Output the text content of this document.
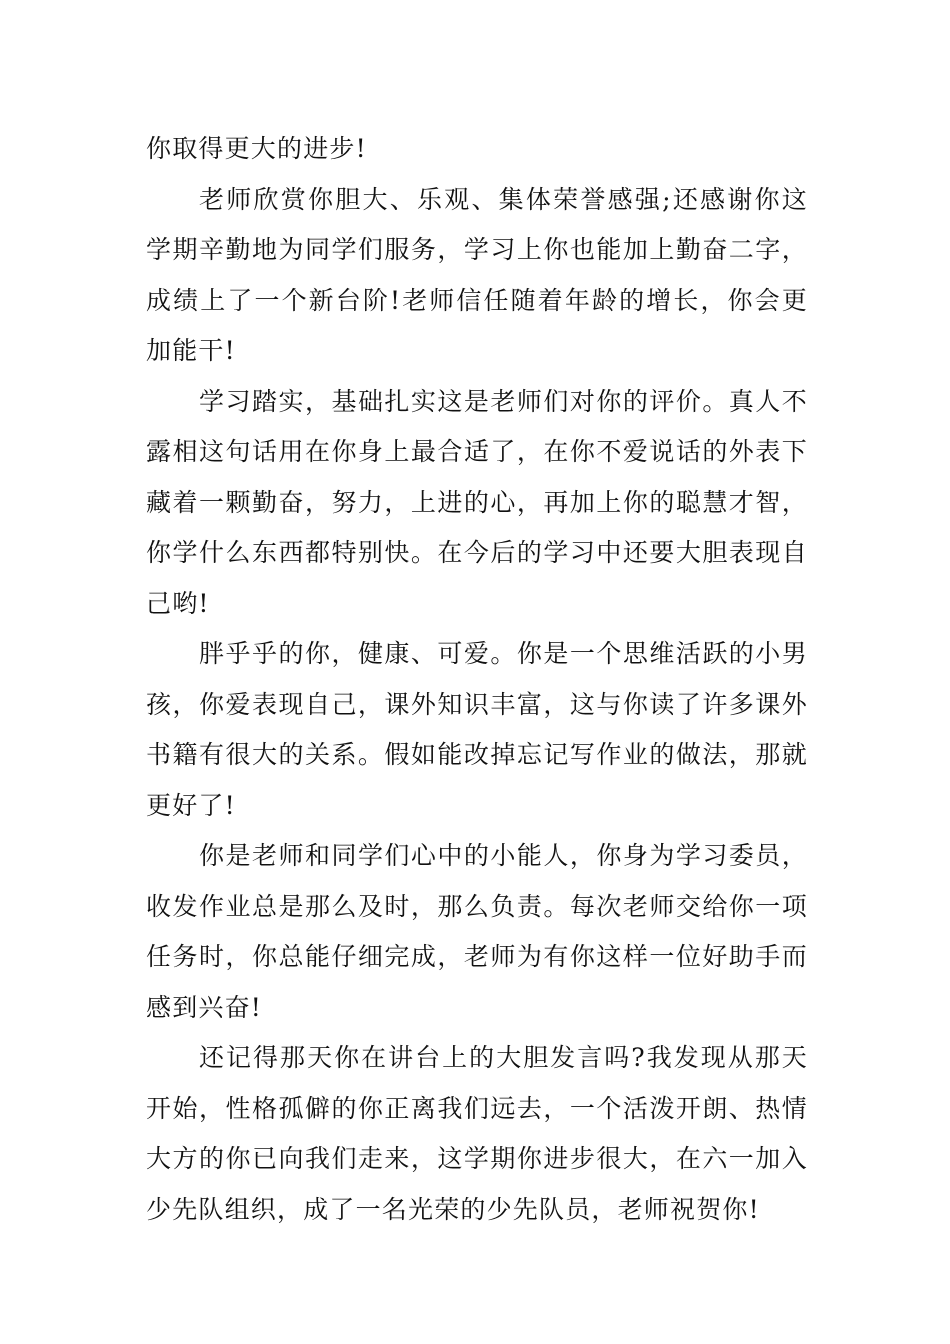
你取得更大的进步!

老师欣赏你胆大、乐观、集体荣誉感强;还感谢你这学期辛勤地为同学们服务，学习上你也能加上勤奋二字，成绩上了一个新台阶!老师信任随着年龄的增长，你会更加能干!

学习踏实，基础扎实这是老师们对你的评价。真人不露相这句话用在你身上最合适了，在你不爱说话的外表下藏着一颗勤奋，努力，上进的心，再加上你的聪慧才智，你学什么东西都特别快。在今后的学习中还要大胆表现自己哟!

胖乎乎的你，健康、可爱。你是一个思维活跃的小男孩，你爱表现自己，课外知识丰富，这与你读了许多课外书籍有很大的关系。假如能改掉忘记写作业的做法，那就更好了!

你是老师和同学们心中的小能人，你身为学习委员，收发作业总是那么及时，那么负责。每次老师交给你一项任务时，你总能仔细完成，老师为有你这样一位好助手而感到兴奋!

还记得那天你在讲台上的大胆发言吗?我发现从那天开始，性格孤僻的你正离我们远去，一个活泼开朗、热情大方的你已向我们走来，这学期你进步很大，在六一加入少先队组织，成了一名光荣的少先队员，老师祝贺你!
